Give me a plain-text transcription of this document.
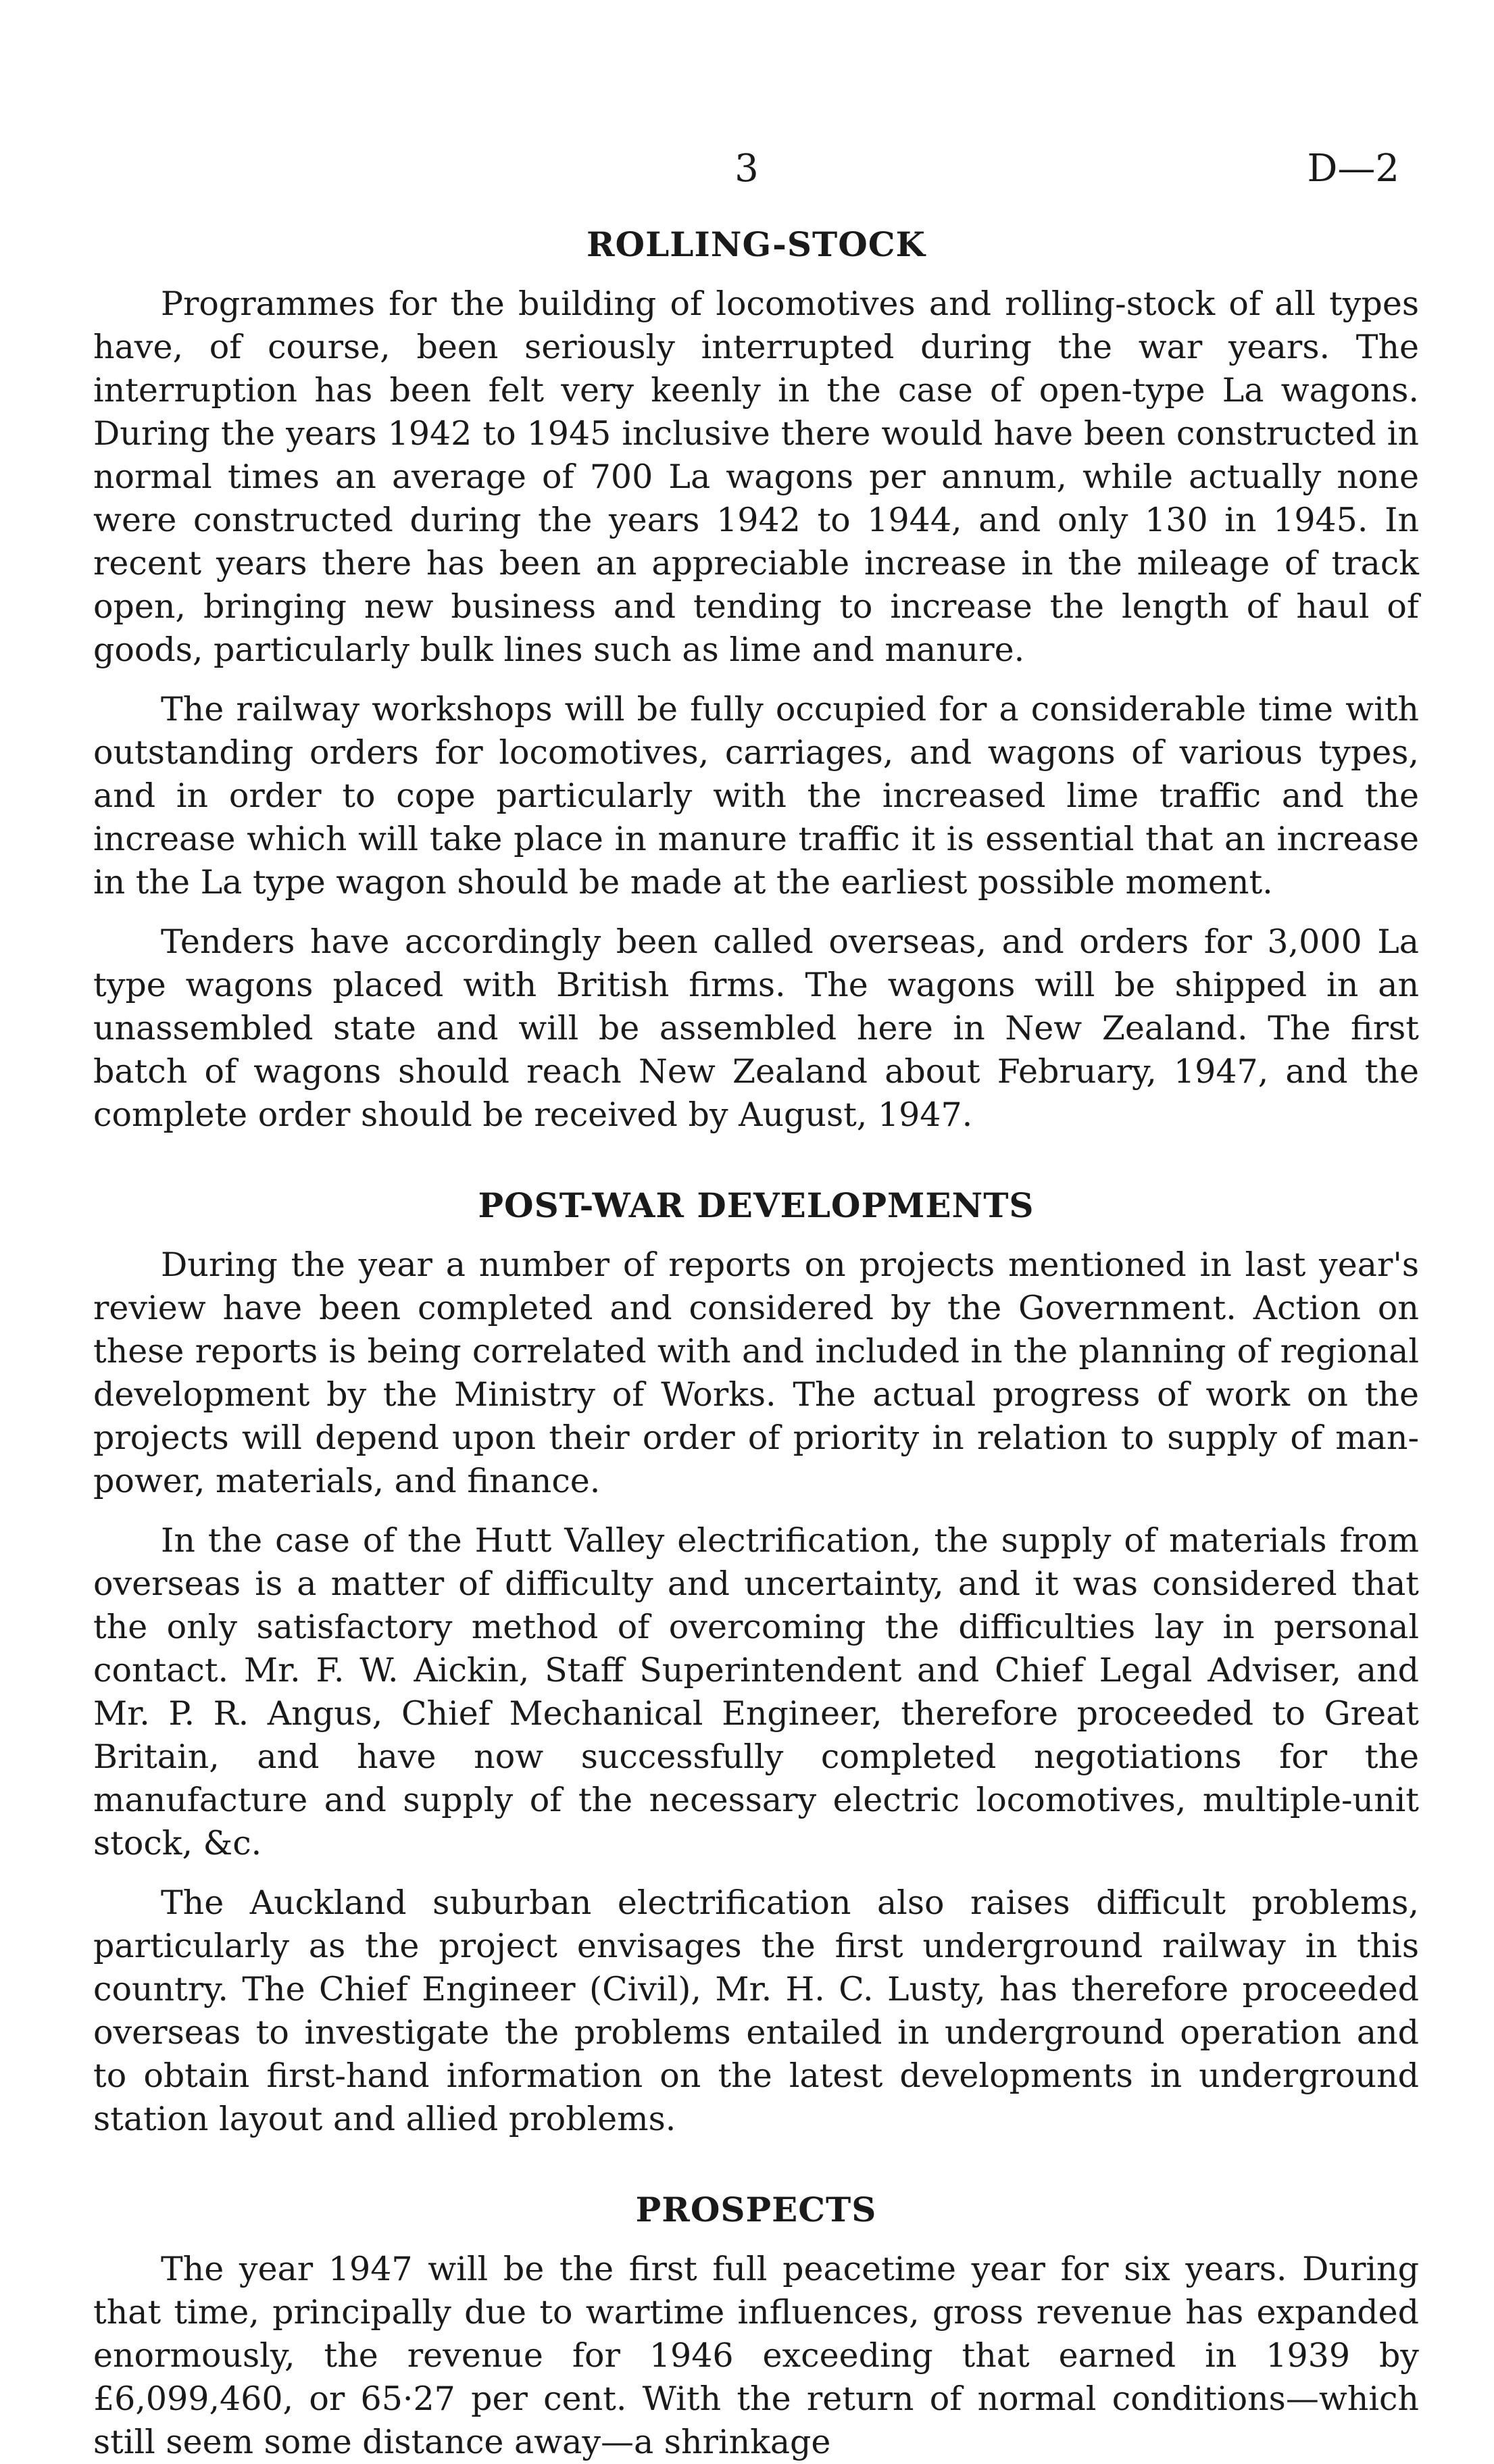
3	D—2
ROLLING-STOCK

Programmes for the building of locomotives and rolling-stock of all types have, of course, been seriously interrupted during the war years. The interruption has been felt very keenly in the case of open-type La wagons. During the years 1942 to 1945 inclusive there would have been constructed in normal times an average of 700 La wagons per annum, while actually none were constructed during the years 1942 to 1944, and only 130 in 1945. In recent years there has been an appreciable increase in the mileage of track open, bringing new business and tending to increase the length of haul of goods, particularly bulk lines such as lime and manure.

The railway workshops will be fully occupied for a considerable time with outstanding orders for locomotives, carriages, and wagons of various types, and in order to cope particularly with the increased lime traffic and the increase which will take place in manure traffic it is essential that an increase in the La type wagon should be made at the earliest possible moment.

Tenders have accordingly been called overseas, and orders for 3,000 La type wagons placed with British firms. The wagons will be shipped in an unassembled state and will be assembled here in New Zealand. The first batch of wagons should reach New Zealand about February, 1947, and the complete order should be received by August, 1947.

POST-WAR DEVELOPMENTS

During the year a number of reports on projects mentioned in last year's review have been completed and considered by the Government. Action on these reports is being correlated with and included in the planning of regional development by the Ministry of Works. The actual progress of work on the projects will depend upon their order of priority in relation to supply of man-power, materials, and finance.

In the case of the Hutt Valley electrification, the supply of materials from overseas is a matter of difficulty and uncertainty, and it was considered that the only satisfactory method of overcoming the difficulties lay in personal contact. Mr. F. W. Aickin, Staff Superintendent and Chief Legal Adviser, and Mr. P. R. Angus, Chief Mechanical Engineer, therefore proceeded to Great Britain, and have now successfully completed negotiations for the manufacture and supply of the necessary electric locomotives, multiple-unit stock, &c.

The Auckland suburban electrification also raises difficult problems, particularly as the project envisages the first underground railway in this country. The Chief Engineer (Civil), Mr. H. C. Lusty, has therefore proceeded overseas to investigate the problems entailed in underground operation and to obtain first-hand information on the latest developments in underground station layout and allied problems.

PROSPECTS

The year 1947 will be the first full peacetime year for six years. During that time, principally due to wartime influences, gross revenue has expanded enormously, the revenue for 1946 exceeding that earned in 1939 by £6,099,460, or 65·27 per cent. With the return of normal conditions—which still seem some distance away—a shrinkage
